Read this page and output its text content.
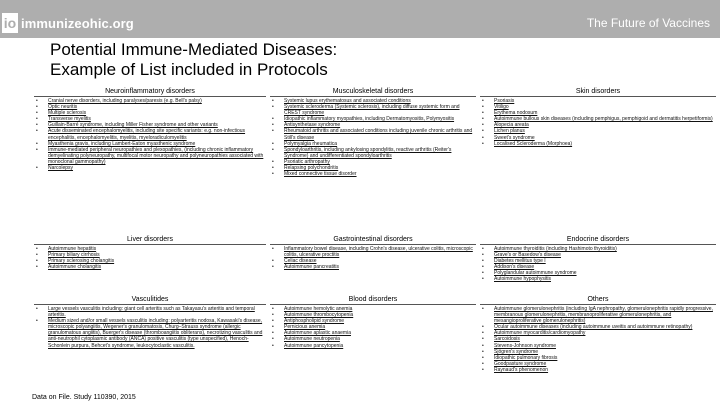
io immunizeohic.org	The Future of Vaccines
Potential Immune-Mediated Diseases:
Example of List included in Protocols
Neuroinflammatory disorders
• Cranial nerve disorders, including paralyses/paresis (e.g. Bell's palsy)
• Optic neuritis
• Multiple sclerosis
• Transverse myelitis
• Guillain-Barré syndrome, including Miller Fisher syndrome and other variants
• Acute disseminated encephalomyelitis, including site specific variants: e.g. non-infectious encephalitis, encephalomyelitis, myelitis, myeloradiculomyelitis
• Myasthenia gravis, including Lambert-Eaton myasthenic syndrome
• Immune-mediated peripheral neuropathies and plexopathies, (including chronic inflammatory demyelinating polyneuropathy, multifocal motor neuropathy and polyneuropathies associated with monoclonal gammopathy)
• Narcolepsy
Musculoskeletal disorders
• Systemic lupus erythematosus and associated conditions
• Systemic scleroderma (Systemic sclerosis), including diffuse systemic form and CREST syndrome
• Idiopathic inflammatory myopathies, including Dermatomyositis, Polymyositis
• Antisynthetase syndrome
• Rheumatoid arthritis and associated conditions including juvenile chronic arthritis and Still's disease
• Polymyalgia rheumatica
• Spondyloarthritis, including ankylosing spondylitis, reactive arthritis (Reiter's Syndrome) and undifferentiated spondyloarthritis
• Psoriatic arthropathy
• Relapsing polychondritis
• Mixed connective tissue disorder
Skin disorders
• Psoriasis
• Vitiligo
• Erythema nodosum
• Autoimmune bullous skin diseases (including pemphigus, pemphigoid and dermatitis herpetiformis)
• Alopecia areata
• Lichen planus
• Sweet's syndrome
• Localised Scleroderma (Morphoea)
Liver disorders
• Autoimmune hepatitis
• Primary biliary cirrhosis
• Primary sclerosing cholangitis
• Autoimmune cholangitis
Gastrointestinal disorders
• Inflammatory bowel disease, including Crohn's disease, ulcerative colitis, microscopic colitis, ulcerative proctitis
• Celiac disease
• Autoimmune pancreatitis
Endocrine disorders
• Autoimmune thyroiditis (including Hashimoto thyroiditis)
• Grave's or Basedow's disease
• Diabetes mellitus type I
• Addison's disease
• Polyglandular autoimmune syndrome
• Autoimmune hypophysitis
Vasculitides
• Large vessels vasculitis including: giant cell arteritis such as Takayasu's arteritis and temporal arteritis.
• Medium sized and/or small vessels vasculitis including: polyarteritis nodosa, Kawasaki's disease, microscopic polyangiitis, Wegener's granulomatosis, Churg–Strauss syndrome (allergic granulomatous angiitis), Buerger's disease (thromboangiitis obliterans), necrotizing vasculitis and anti-neutrophil cytoplasmic antibody (ANCA) positive vasculitis (type unspecified), Henoch-Schonlein purpura, Behcet's syndrome, leukocytoclastic vasculitis.
Blood disorders
• Autoimmune hemolytic anemia
• Autoimmune thrombocytopenia
• Antiphospholipid syndrome
• Pernicious anemia
• Autoimmune aplastic anaemia
• Autoimmune neutropenia
• Autoimmune pancytopenia
Others
• Autoimmune glomerulonephritis (including IgA nephropathy, glomerulonephritis rapidly progressive, membranous glomerulonephritis, membranoproliferative glomerulonephritis, and mesangioproliferative glomerulonephritis)
• Ocular autoimmune diseases (including autoimmune uveitis and autoimmune retinopathy)
• Autoimmune myocarditis/cardiomyopathy
• Sarcoidosis
• Stevens-Johnson syndrome
• Sjögren's syndrome
• Idiopathic pulmonary fibrosis
• Goodpasture syndrome
• Raynaud's phenomenon
Data on File. Study 110390, 2015
